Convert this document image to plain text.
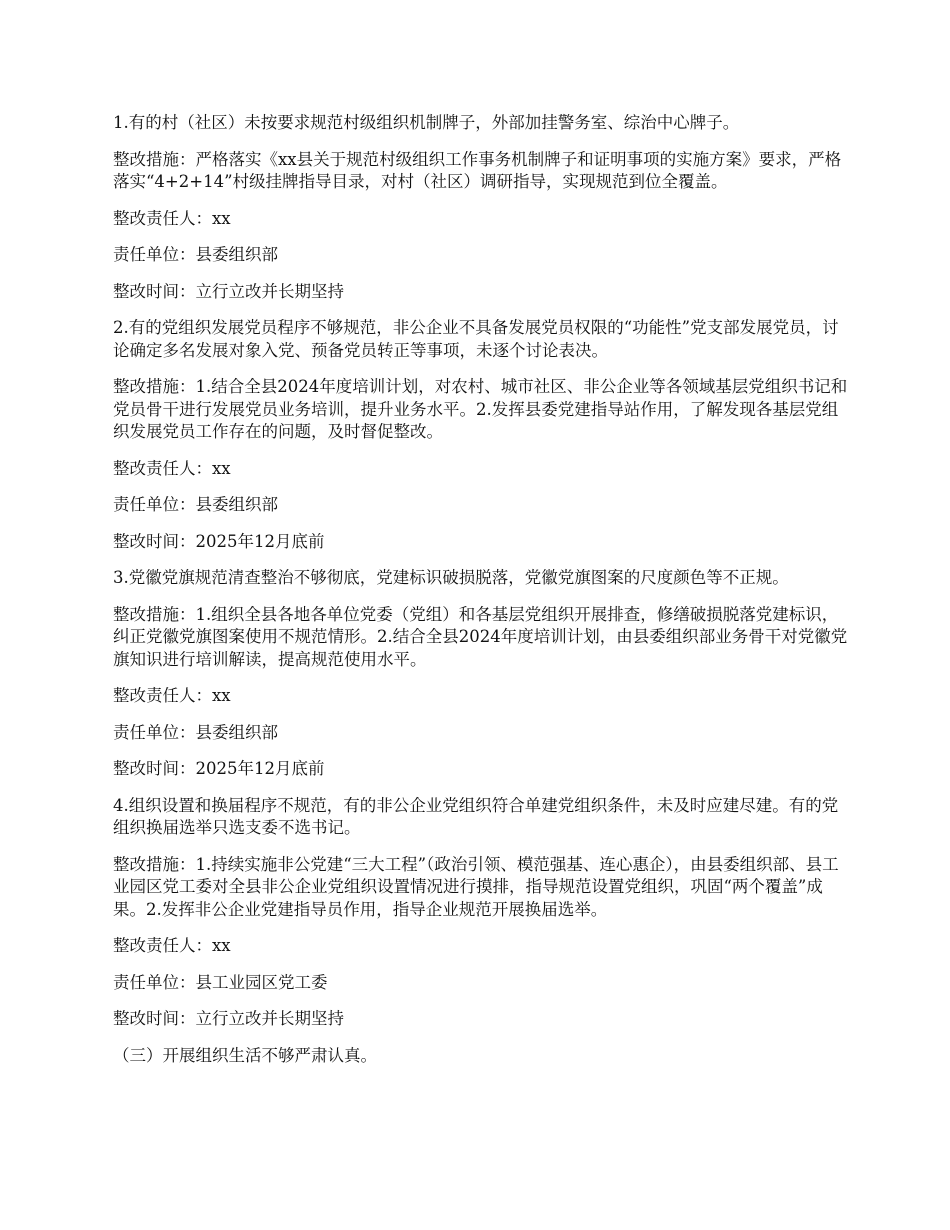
1.有的村（社区）未按要求规范村级组织机制牌子，外部加挂警务室、综治中心牌子。

整改措施：严格落实《xx县关于规范村级组织工作事务机制牌子和证明事项的实施方案》要求，严格落实“4+2+14”村级挂牌指导目录，对村（社区）调研指导，实现规范到位全覆盖。

整改责任人：xx

责任单位：县委组织部

整改时间：立行立改并长期坚持

2.有的党组织发展党员程序不够规范，非公企业不具备发展党员权限的“功能性”党支部发展党员，讨论确定多名发展对象入党、预备党员转正等事项，未逐个讨论表决。

整改措施：1.结合全县2024年度培训计划，对农村、城市社区、非公企业等各领域基层党组织书记和党员骨干进行发展党员业务培训，提升业务水平。2.发挥县委党建指导站作用，了解发现各基层党组织发展党员工作存在的问题，及时督促整改。

整改责任人：xx

责任单位：县委组织部

整改时间：2025年12月底前

3.党徽党旗规范清查整治不够彻底，党建标识破损脱落，党徽党旗图案的尺度颜色等不正规。

整改措施：1.组织全县各地各单位党委（党组）和各基层党组织开展排查，修缮破损脱落党建标识，纠正党徽党旗图案使用不规范情形。2.结合全县2024年度培训计划，由县委组织部业务骨干对党徽党旗知识进行培训解读，提高规范使用水平。

整改责任人：xx

责任单位：县委组织部

整改时间：2025年12月底前

4.组织设置和换届程序不规范，有的非公企业党组织符合单建党组织条件，未及时应建尽建。有的党组织换届选举只选支委不选书记。

整改措施：1.持续实施非公党建“三大工程”（政治引领、模范强基、连心惠企），由县委组织部、县工业园区党工委对全县非公企业党组织设置情况进行摸排，指导规范设置党组织，巩固“两个覆盖”成果。2.发挥非公企业党建指导员作用，指导企业规范开展换届选举。

整改责任人：xx

责任单位：县工业园区党工委

整改时间：立行立改并长期坚持

（三）开展组织生活不够严肃认真。
